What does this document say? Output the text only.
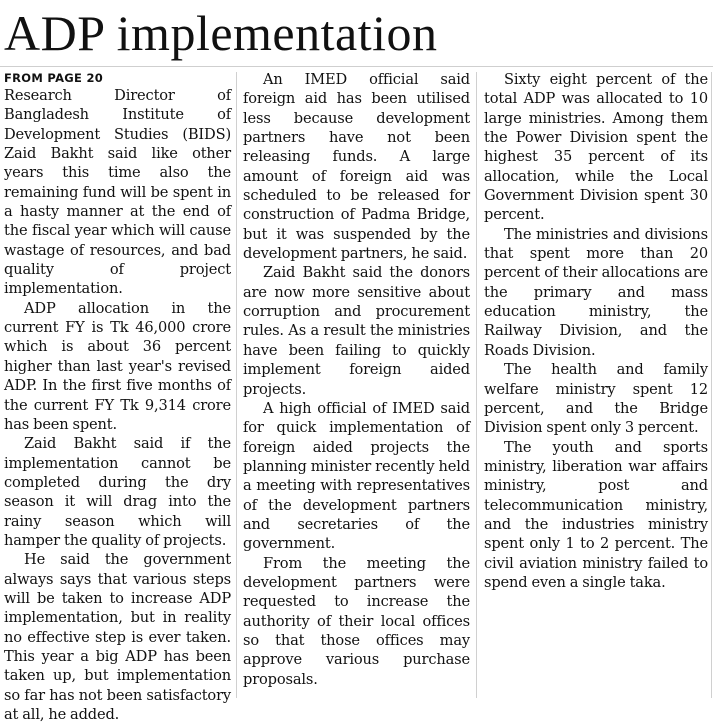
ADP implementation
FROM PAGE 20

Research Director of Bangladesh Institute of Development Studies (BIDS) Zaid Bakht said like other years this time also the remaining fund will be spent in a hasty manner at the end of the fiscal year which will cause wastage of resources, and bad quality of project implementation.

ADP allocation in the current FY is Tk 46,000 crore which is about 36 percent higher than last year's revised ADP. In the first five months of the current FY Tk 9,314 crore has been spent.

Zaid Bakht said if the implementation cannot be completed during the dry season it will drag into the rainy season which will hamper the quality of projects.

He said the government always says that various steps will be taken to increase ADP implementation, but in reality no effective step is ever taken. This year a big ADP has been taken up, but implementation so far has not been satisfactory at all, he added.

An IMED official said foreign aid has been utilised less because development partners have not been releasing funds. A large amount of foreign aid was scheduled to be released for construction of Padma Bridge, but it was suspended by the development partners, he said.

Zaid Bakht said the donors are now more sensitive about corruption and procurement rules. As a result the ministries have been failing to quickly implement foreign aided projects.

A high official of IMED said for quick implementation of foreign aided projects the planning minister recently held a meeting with representatives of the development partners and secretaries of the government.

From the meeting the development partners were requested to increase the authority of their local offices so that those offices may approve various purchase proposals.

Sixty eight percent of the total ADP was allocated to 10 large ministries. Among them the Power Division spent the highest 35 percent of its allocation, while the Local Government Division spent 30 percent.

The ministries and divisions that spent more than 20 percent of their allocations are the primary and mass education ministry, the Railway Division, and the Roads Division.

The health and family welfare ministry spent 12 percent, and the Bridge Division spent only 3 percent.

The youth and sports ministry, liberation war affairs ministry, post and telecommunication ministry, and the industries ministry spent only 1 to 2 percent. The civil aviation ministry failed to spend even a single taka.
